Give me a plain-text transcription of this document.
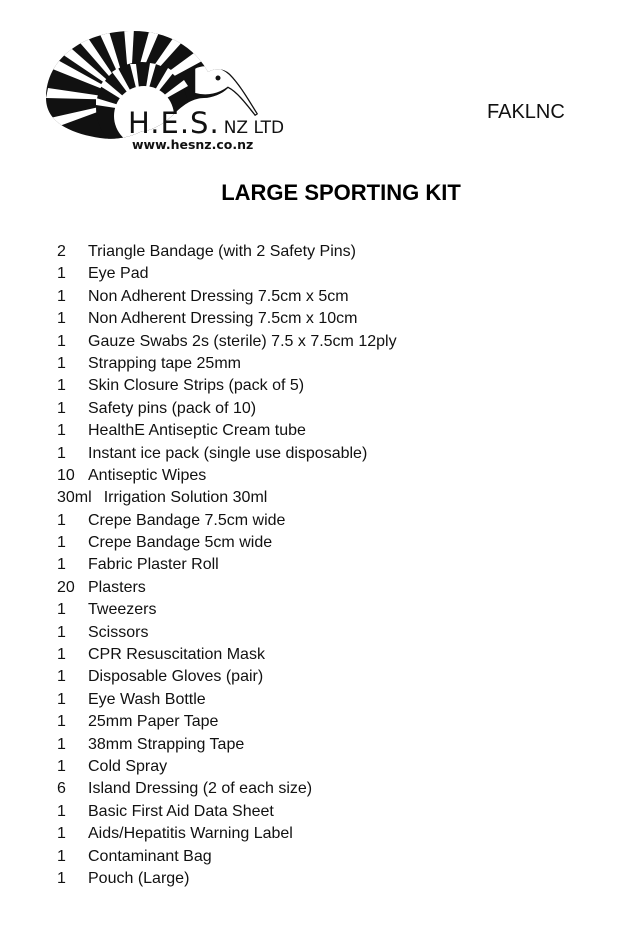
H.E.S. NZ LTD
www.hesnz.co.nz
FAKLNC
LARGE SPORTING KIT
2 Triangle Bandage (with 2 Safety Pins)
1 Eye Pad
1 Non Adherent Dressing 7.5cm x 5cm
1 Non Adherent Dressing 7.5cm x 10cm
1 Gauze Swabs 2s (sterile) 7.5 x 7.5cm 12ply
1 Strapping tape 25mm
1 Skin Closure Strips (pack of 5)
1 Safety pins (pack of 10)
1 HealthE Antiseptic Cream tube
1 Instant ice pack (single use disposable)
10 Antiseptic Wipes
30ml Irrigation Solution 30ml
1 Crepe Bandage 7.5cm wide
1 Crepe Bandage 5cm wide
1 Fabric Plaster Roll
20 Plasters
1 Tweezers
1 Scissors
1 CPR Resuscitation Mask
1 Disposable Gloves (pair)
1 Eye Wash Bottle
1 25mm Paper Tape
1 38mm Strapping Tape
1 Cold Spray
6 Island Dressing (2 of each size)
1 Basic First Aid Data Sheet
1 Aids/Hepatitis Warning Label
1 Contaminant Bag
1 Pouch (Large)
